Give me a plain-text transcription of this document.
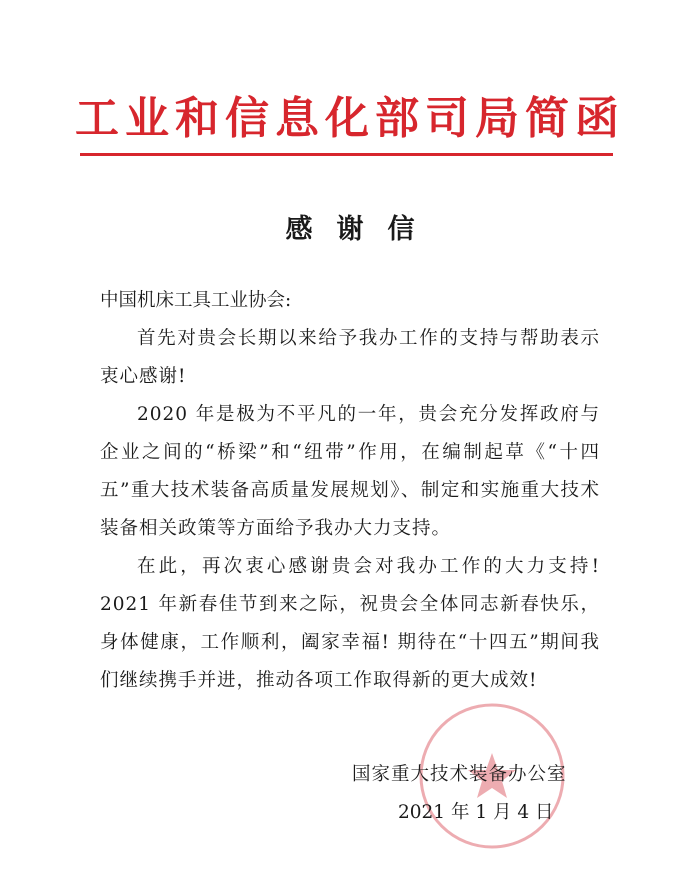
工业和信息化部司局简函
感谢信

中国机床工具工业协会:

首先对贵会长期以来给予我办工作的支持与帮助表示衷心感谢!

2020 年是极为不平凡的一年，贵会充分发挥政府与企业之间的“桥梁”和“纽带”作用，在编制起草《“十四五”重大技术装备高质量发展规划》、制定和实施重大技术装备相关政策等方面给予我办大力支持。

在此，再次衷心感谢贵会对我办工作的大力支持! 2021 年新春佳节到来之际，祝贵会全体同志新春快乐，身体健康，工作顺利，阖家幸福! 期待在“十四五”期间我们继续携手并进，推动各项工作取得新的更大成效!

国家重大技术装备办公室
2021 年 1 月 4 日
